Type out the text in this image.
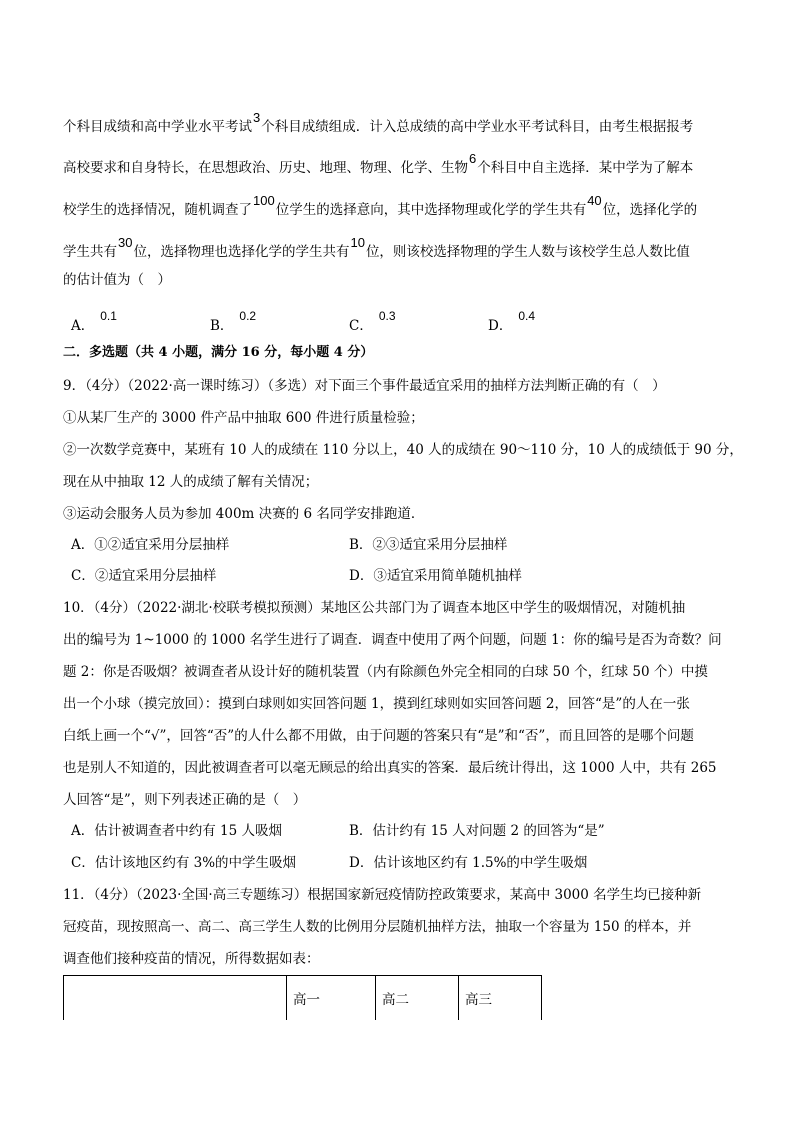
个科目成绩和高中学业水平考试3个科目成绩组成．计入总成绩的高中学业水平考试科目，由考生根据报考
高校要求和自身特长，在思想政治、历史、地理、物理、化学、生物6个科目中自主选择．某中学为了解本
校学生的选择情况，随机调查了100位学生的选择意向，其中选择物理或化学的学生共有40位，选择化学的
学生共有30位，选择物理也选择化学的学生共有10位，则该校选择物理的学生人数与该校学生总人数比值
的估计值为（　）
A．0.1
B．0.2
C．0.3
D．0.4
二．多选题（共 4 小题，满分 16 分，每小题 4 分）
9．（4分）（2022·高一课时练习）（多选）对下面三个事件最适宜采用的抽样方法判断正确的有（　）
①从某厂生产的 3000 件产品中抽取 600 件进行质量检验；
②一次数学竞赛中，某班有 10 人的成绩在 110 分以上，40 人的成绩在 90～110 分，10 人的成绩低于 90 分，
现在从中抽取 12 人的成绩了解有关情况；
③运动会服务人员为参加 400m 决赛的 6 名同学安排跑道．
A．①②适宜采用分层抽样	B．②③适宜采用分层抽样
C．②适宜采用分层抽样	D．③适宜采用简单随机抽样
10．（4分）（2022·湖北·校联考模拟预测）某地区公共部门为了调查本地区中学生的吸烟情况，对随机抽
出的编号为 1~1000 的 1000 名学生进行了调查．调查中使用了两个问题，问题 1：你的编号是否为奇数？问
题 2：你是否吸烟？被调查者从设计好的随机装置（内有除颜色外完全相同的白球 50 个，红球 50 个）中摸
出一个小球（摸完放回）：摸到白球则如实回答问题 1，摸到红球则如实回答问题 2，回答“是”的人在一张
白纸上画一个“√”，回答“否”的人什么都不用做，由于问题的答案只有“是”和“否”，而且回答的是哪个问题
也是别人不知道的，因此被调查者可以毫无顾忌的给出真实的答案．最后统计得出，这 1000 人中，共有 265
人回答“是”，则下列表述正确的是（　）
A．估计被调查者中约有 15 人吸烟	B．估计约有 15 人对问题 2 的回答为“是”
C．估计该地区约有 3%的中学生吸烟	D．估计该地区约有 1.5%的中学生吸烟
11．（4分）（2023·全国·高三专题练习）根据国家新冠疫情防控政策要求，某高中 3000 名学生均已接种新
冠疫苗，现按照高一、高二、高三学生人数的比例用分层随机抽样方法，抽取一个容量为 150 的样本，并
调查他们接种疫苗的情况，所得数据如表：
	高一	高二	高三
